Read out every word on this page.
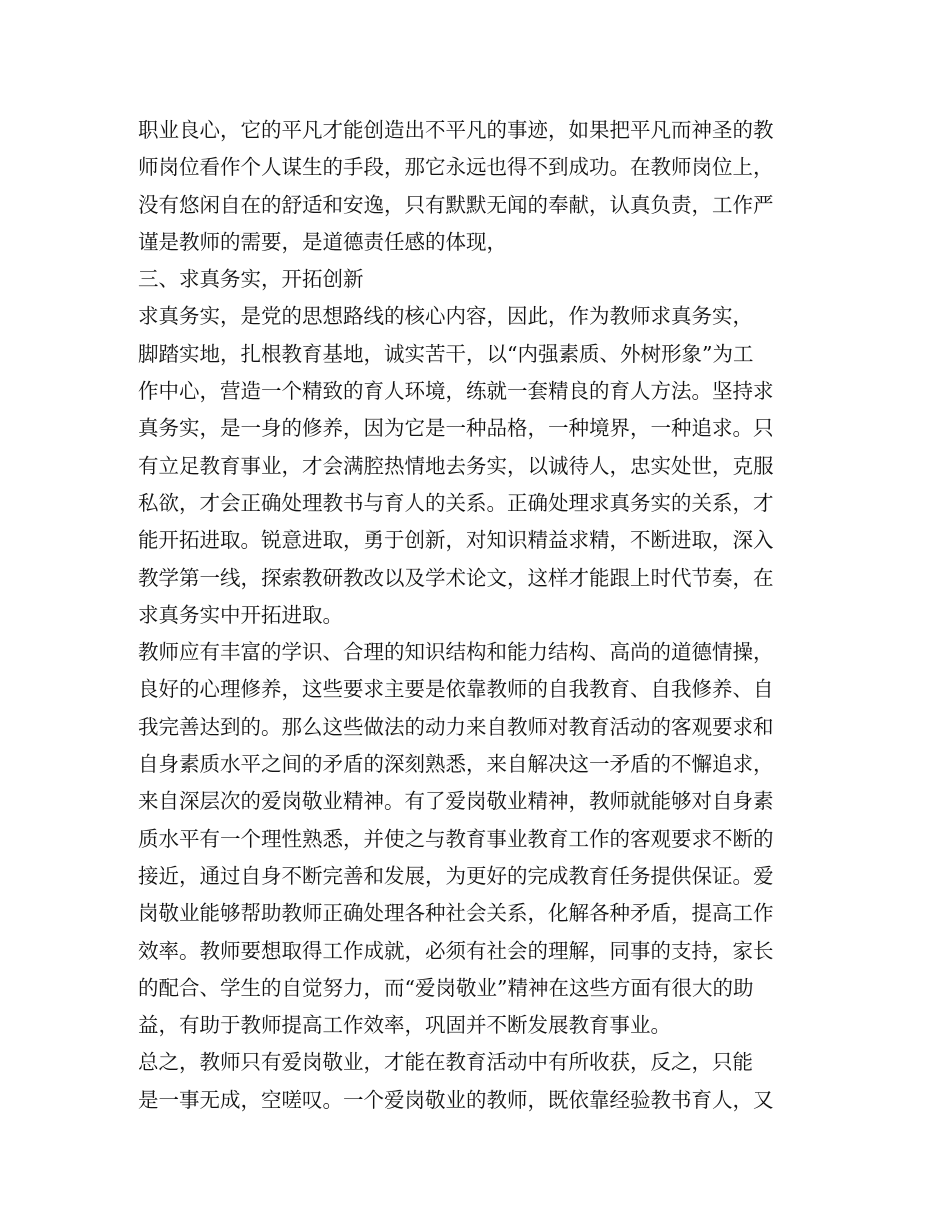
职业良心，它的平凡才能创造出不平凡的事迹，如果把平凡而神圣的教
师岗位看作个人谋生的手段，那它永远也得不到成功。在教师岗位上，
没有悠闲自在的舒适和安逸，只有默默无闻的奉献，认真负责，工作严
谨是教师的需要，是道德责任感的体现，
三、求真务实，开拓创新
求真务实，是党的思想路线的核心内容，因此，作为教师求真务实，
脚踏实地，扎根教育基地，诚实苦干，以“内强素质、外树形象”为工
作中心，营造一个精致的育人环境，练就一套精良的育人方法。坚持求
真务实，是一身的修养，因为它是一种品格，一种境界，一种追求。只
有立足教育事业，才会满腔热情地去务实，以诚待人，忠实处世，克服
私欲，才会正确处理教书与育人的关系。正确处理求真务实的关系，才
能开拓进取。锐意进取，勇于创新，对知识精益求精，不断进取，深入
教学第一线，探索教研教改以及学术论文，这样才能跟上时代节奏，在
求真务实中开拓进取。
教师应有丰富的学识、合理的知识结构和能力结构、高尚的道德情操，
良好的心理修养，这些要求主要是依靠教师的自我教育、自我修养、自
我完善达到的。那么这些做法的动力来自教师对教育活动的客观要求和
自身素质水平之间的矛盾的深刻熟悉，来自解决这一矛盾的不懈追求，
来自深层次的爱岗敬业精神。有了爱岗敬业精神，教师就能够对自身素
质水平有一个理性熟悉，并使之与教育事业教育工作的客观要求不断的
接近，通过自身不断完善和发展，为更好的完成教育任务提供保证。爱
岗敬业能够帮助教师正确处理各种社会关系，化解各种矛盾，提高工作
效率。教师要想取得工作成就，必须有社会的理解，同事的支持，家长
的配合、学生的自觉努力，而“爱岗敬业”精神在这些方面有很大的助
益，有助于教师提高工作效率，巩固并不断发展教育事业。
总之，教师只有爱岗敬业，才能在教育活动中有所收获，反之，只能
是一事无成，空嗟叹。一个爱岗敬业的教师，既依靠经验教书育人，又
